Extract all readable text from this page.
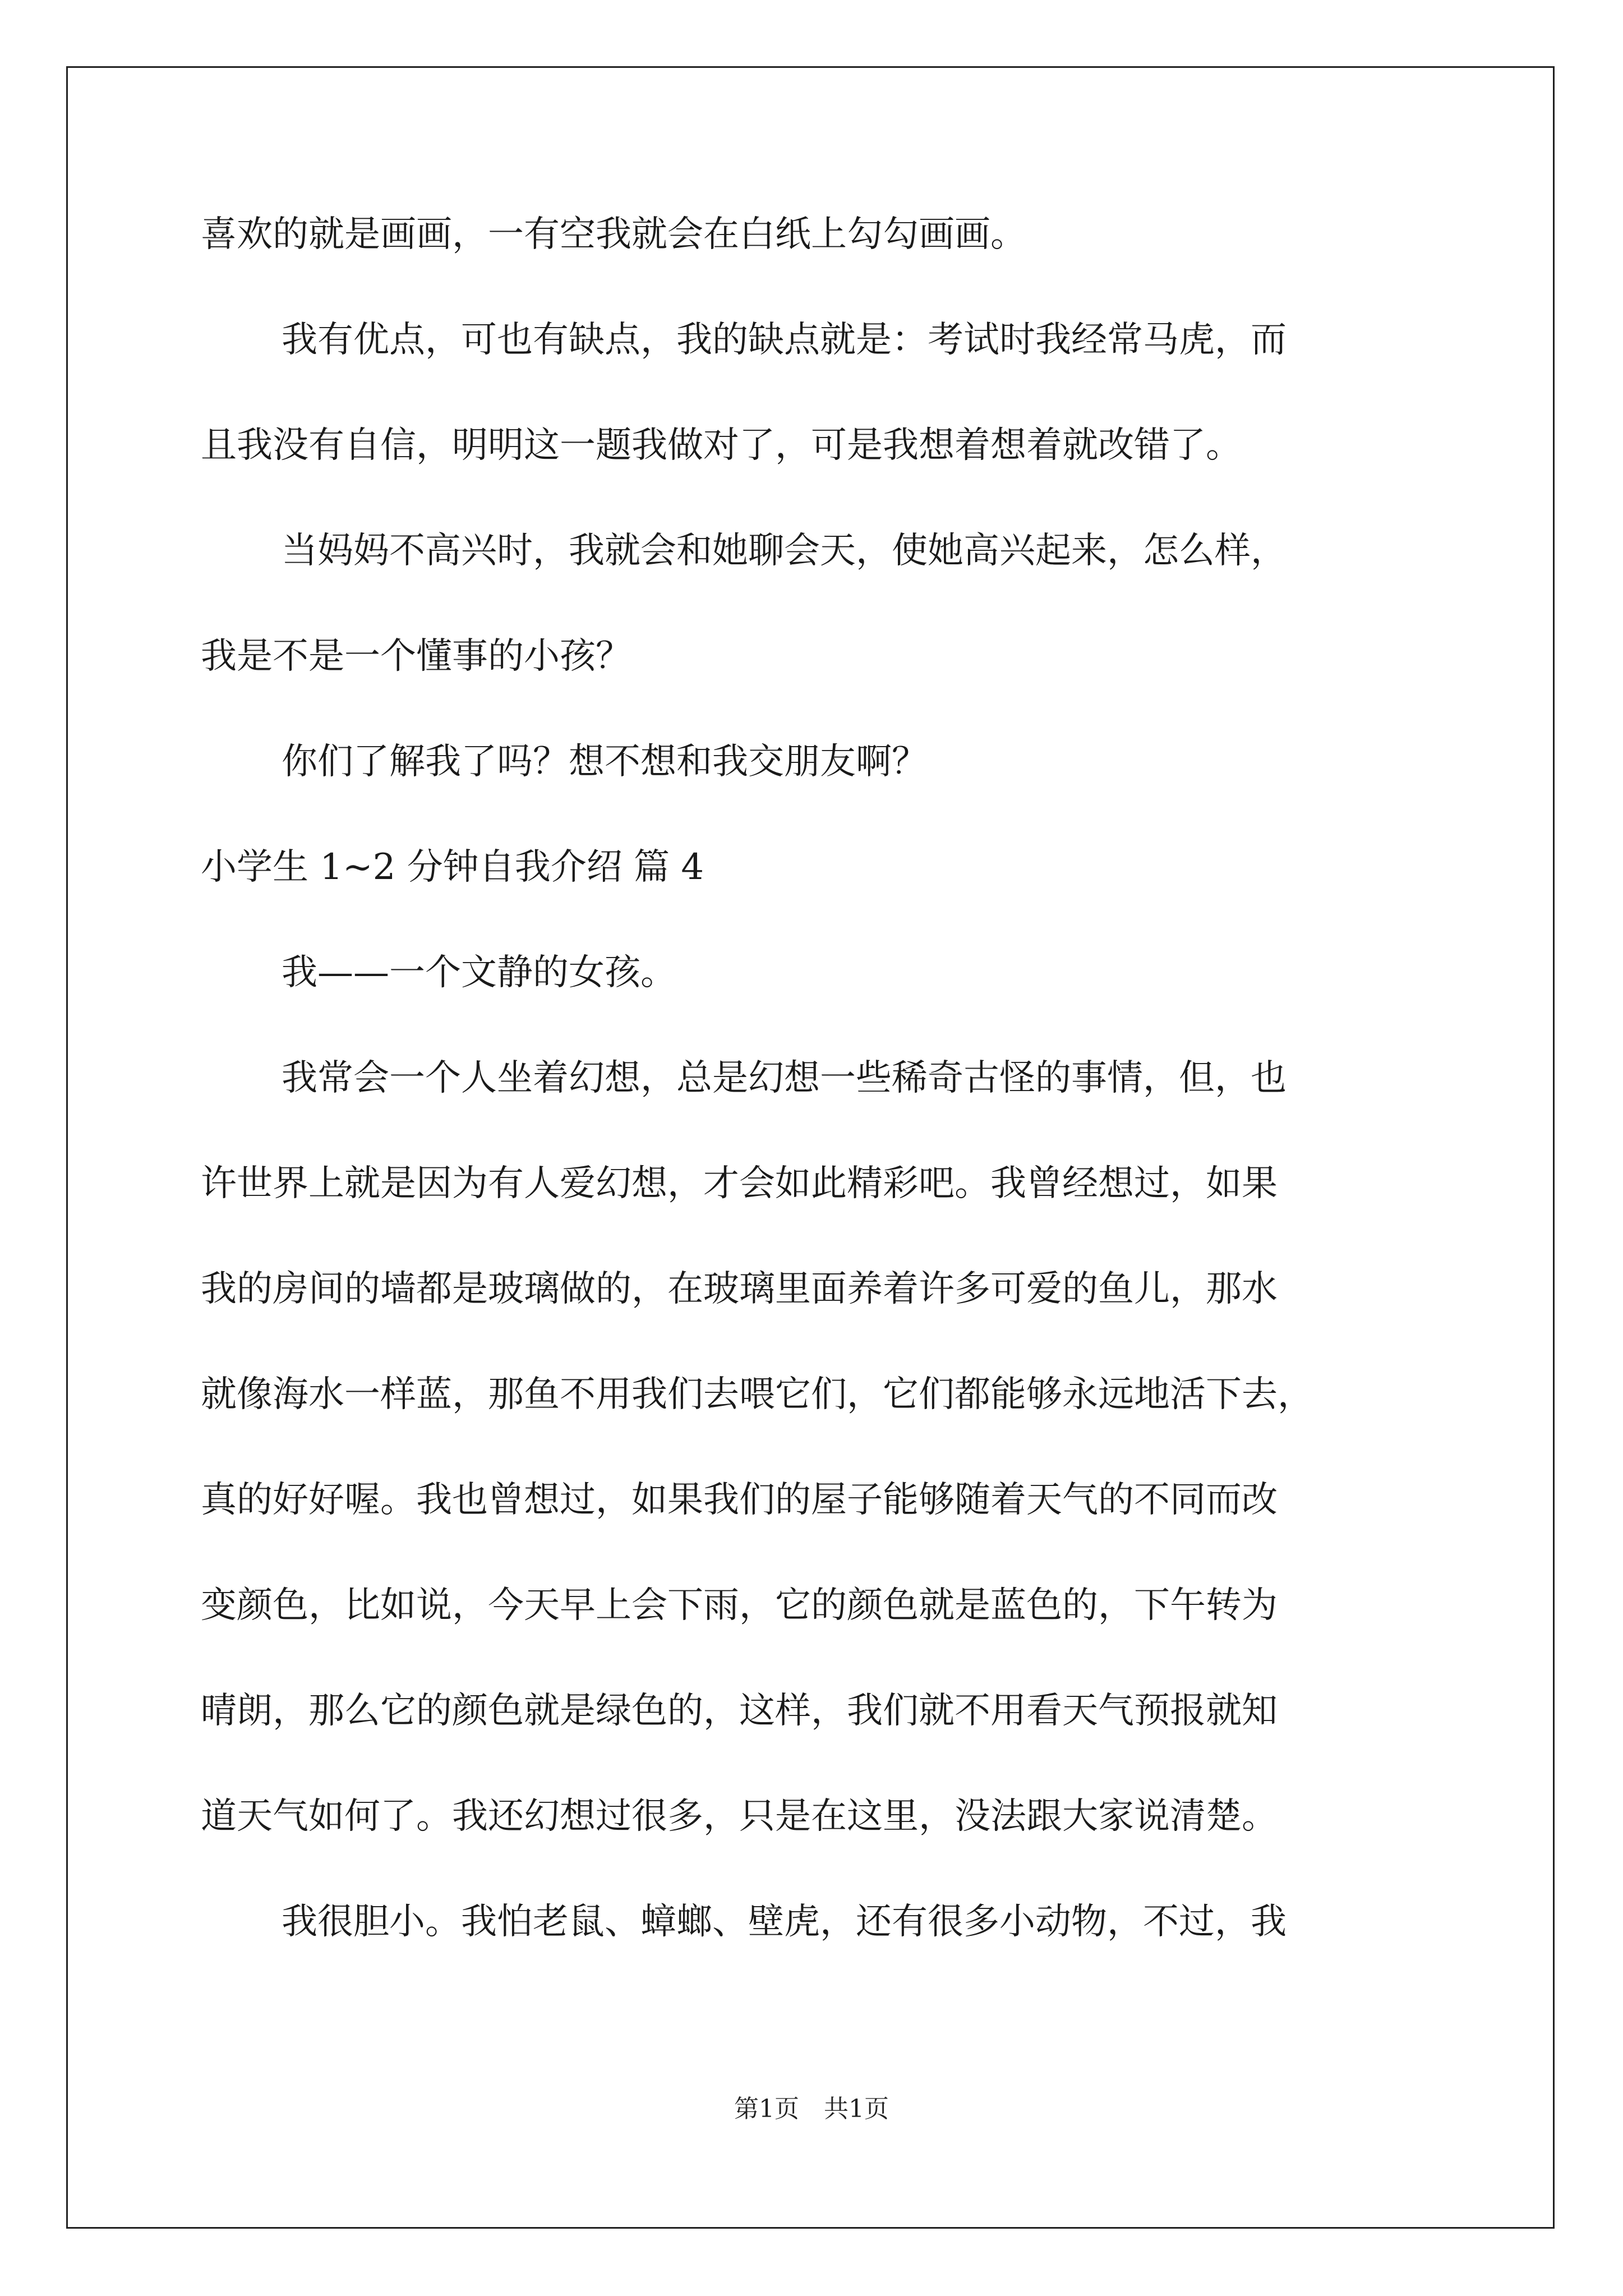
喜欢的就是画画，一有空我就会在白纸上勾勾画画。

我有优点，可也有缺点，我的缺点就是：考试时我经常马虎，而

且我没有自信，明明这一题我做对了，可是我想着想着就改错了。

当妈妈不高兴时，我就会和她聊会天，使她高兴起来，怎么样，

我是不是一个懂事的小孩？

你们了解我了吗？想不想和我交朋友啊？

小学生 1~2 分钟自我介绍 篇 4

我——一个文静的女孩。

我常会一个人坐着幻想，总是幻想一些稀奇古怪的事情，但，也

许世界上就是因为有人爱幻想，才会如此精彩吧。我曾经想过，如果

我的房间的墙都是玻璃做的，在玻璃里面养着许多可爱的鱼儿，那水

就像海水一样蓝，那鱼不用我们去喂它们，它们都能够永远地活下去，

真的好好喔。我也曾想过，如果我们的屋子能够随着天气的不同而改

变颜色，比如说，今天早上会下雨，它的颜色就是蓝色的，下午转为

晴朗，那么它的颜色就是绿色的，这样，我们就不用看天气预报就知

道天气如何了。我还幻想过很多，只是在这里，没法跟大家说清楚。

我很胆小。我怕老鼠、蟑螂、壁虎，还有很多小动物，不过，我

第1页　共1页
